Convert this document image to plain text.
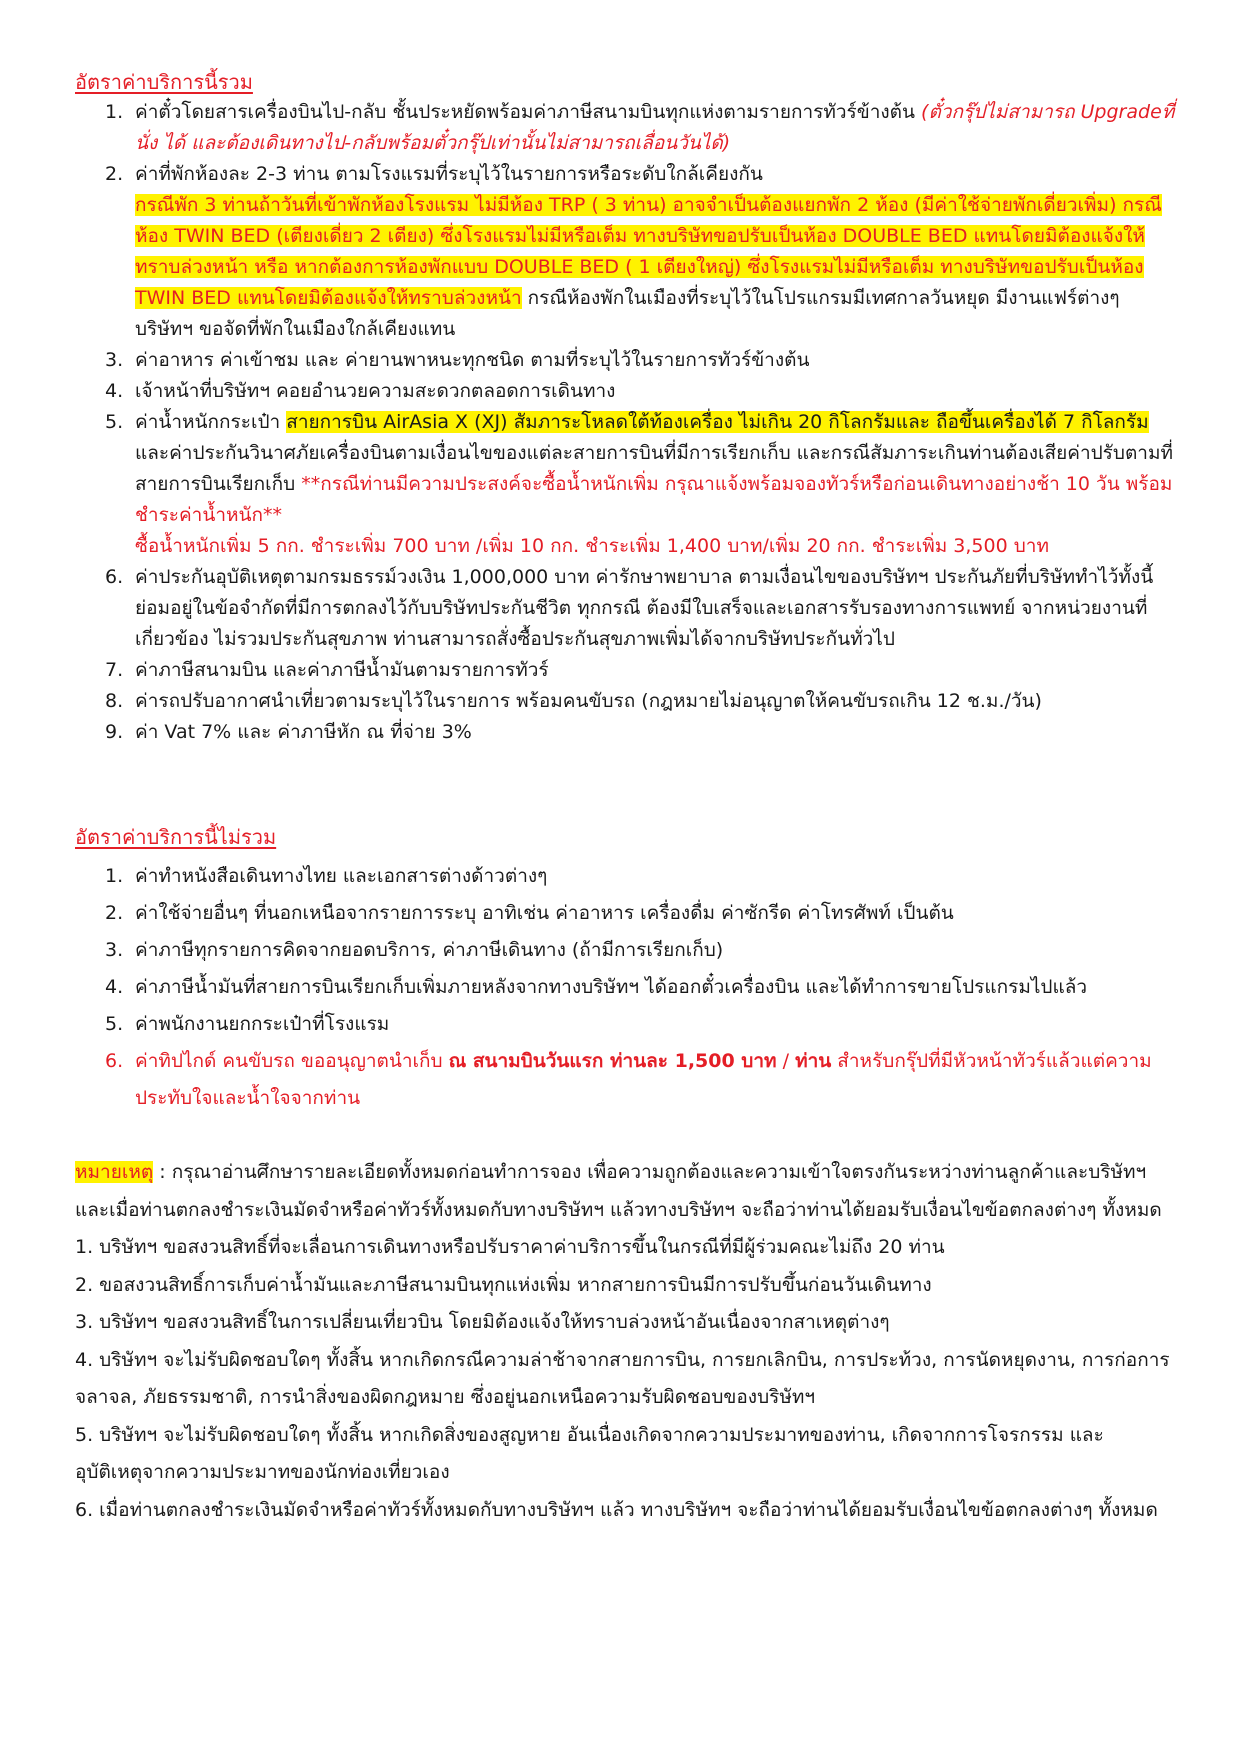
อัตราค่าบริการนี้รวม
1. ค่าตั๋วโดยสารเครื่องบินไป-กลับ ชั้นประหยัดพร้อมค่าภาษีสนามบินทุกแห่งตามรายการทัวร์ข้างต้น (ตั๋วกรุ๊ปไม่สามารถ Upgradeที่นั่ง ได้ และต้องเดินทางไป-กลับพร้อมตั๋วกรุ๊ปเท่านั้นไม่สามารถเลื่อนวันได้)
2. ค่าที่พักห้องละ 2-3 ท่าน ตามโรงแรมที่ระบุไว้ในรายการหรือระดับใกล้เคียงกัน
กรณีพัก 3 ท่านถ้าวันที่เข้าพักห้องโรงแรม ไม่มีห้อง TRP ( 3 ท่าน) อาจจำเป็นต้องแยกพัก 2 ห้อง (มีค่าใช้จ่ายพักเดี่ยวเพิ่ม) กรณีห้อง TWIN BED (เตียงเดี่ยว 2 เตียง) ซึ่งโรงแรมไม่มีหรือเต็ม ทางบริษัทขอปรับเป็นห้อง DOUBLE BED แทนโดยมิต้องแจ้งให้ทราบล่วงหน้า หรือ หากต้องการห้องพักแบบ DOUBLE BED ( 1 เตียงใหญ่) ซึ่งโรงแรมไม่มีหรือเต็ม ทางบริษัทขอปรับเป็นห้อง TWIN BED แทนโดยมิต้องแจ้งให้ทราบล่วงหน้า กรณีห้องพักในเมืองที่ระบุไว้ในโปรแกรมมีเทศกาลวันหยุด มีงานแฟร์ต่างๆ บริษัทฯ ขอจัดที่พักในเมืองใกล้เคียงแทน
3. ค่าอาหาร ค่าเข้าชม และ ค่ายานพาหนะทุกชนิด ตามที่ระบุไว้ในรายการทัวร์ข้างต้น
4. เจ้าหน้าที่บริษัทฯ คอยอำนวยความสะดวกตลอดการเดินทาง
5. ค่าน้ำหนักกระเป๋า สายการบิน AirAsia X (XJ) สัมภาระโหลดใต้ท้องเครื่อง ไม่เกิน 20 กิโลกรัมและ ถือขึ้นเครื่องได้ 7 กิโลกรัม และค่าประกันวินาศภัยเครื่องบินตามเงื่อนไขของแต่ละสายการบินที่มีการเรียกเก็บ และกรณีสัมภาระเกินท่านต้องเสียค่าปรับตามที่สายการบินเรียกเก็บ **กรณีท่านมีความประสงค์จะซื้อน้ำหนักเพิ่ม กรุณาแจ้งพร้อมจองทัวร์หรือก่อนเดินทางอย่างช้า 10 วัน พร้อมชำระค่าน้ำหนัก**
ซื้อน้ำหนักเพิ่ม 5 กก. ชำระเพิ่ม 700 บาท /เพิ่ม 10 กก. ชำระเพิ่ม 1,400 บาท/เพิ่ม 20 กก. ชำระเพิ่ม 3,500 บาท
6. ค่าประกันอุบัติเหตุตามกรมธรรม์วงเงิน 1,000,000 บาท ค่ารักษาพยาบาล ตามเงื่อนไขของบริษัทฯ ประกันภัยที่บริษัททำไว้ทั้งนี้ย่อมอยู่ในข้อจำกัดที่มีการตกลงไว้กับบริษัทประกันชีวิต ทุกกรณี ต้องมีใบเสร็จและเอกสารรับรองทางการแพทย์ จากหน่วยงานที่เกี่ยวข้อง ไม่รวมประกันสุขภาพ ท่านสามารถสั่งซื้อประกันสุขภาพเพิ่มได้จากบริษัทประกันทั่วไป
7. ค่าภาษีสนามบิน และค่าภาษีน้ำมันตามรายการทัวร์
8. ค่ารถปรับอากาศนำเที่ยวตามระบุไว้ในรายการ พร้อมคนขับรถ (กฎหมายไม่อนุญาตให้คนขับรถเกิน 12 ช.ม./วัน)
9. ค่า Vat 7% และ ค่าภาษีหัก ณ ที่จ่าย 3%
อัตราค่าบริการนี้ไม่รวม
1. ค่าทำหนังสือเดินทางไทย และเอกสารต่างด้าวต่างๆ
2. ค่าใช้จ่ายอื่นๆ ที่นอกเหนือจากรายการระบุ อาทิเช่น ค่าอาหาร เครื่องดื่ม ค่าซักรีด ค่าโทรศัพท์ เป็นต้น
3. ค่าภาษีทุกรายการคิดจากยอดบริการ, ค่าภาษีเดินทาง (ถ้ามีการเรียกเก็บ)
4. ค่าภาษีน้ำมันที่สายการบินเรียกเก็บเพิ่มภายหลังจากทางบริษัทฯ ได้ออกตั๋วเครื่องบิน และได้ทำการขายโปรแกรมไปแล้ว
5. ค่าพนักงานยกกระเป๋าที่โรงแรม
6. ค่าทิปไกด์ คนขับรถ ขออนุญาตนำเก็บ ณ สนามบินวันแรก ท่านละ 1,500 บาท / ท่าน สำหรับกรุ๊ปที่มีหัวหน้าทัวร์แล้วแต่ความประทับใจและน้ำใจจากท่าน

หมายเหตุ : กรุณาอ่านศึกษารายละเอียดทั้งหมดก่อนทำการจอง เพื่อความถูกต้องและความเข้าใจตรงกันระหว่างท่านลูกค้าและบริษัทฯ และเมื่อท่านตกลงชำระเงินมัดจำหรือค่าทัวร์ทั้งหมดกับทางบริษัทฯ แล้วทางบริษัทฯ จะถือว่าท่านได้ยอมรับเงื่อนไขข้อตกลงต่างๆ ทั้งหมด

1. บริษัทฯ ขอสงวนสิทธิ์ที่จะเลื่อนการเดินทางหรือปรับราคาค่าบริการขึ้นในกรณีที่มีผู้ร่วมคณะไม่ถึง 20 ท่าน

2. ขอสงวนสิทธิ์การเก็บค่าน้ำมันและภาษีสนามบินทุกแห่งเพิ่ม หากสายการบินมีการปรับขึ้นก่อนวันเดินทาง

3. บริษัทฯ ขอสงวนสิทธิ์ในการเปลี่ยนเที่ยวบิน โดยมิต้องแจ้งให้ทราบล่วงหน้าอันเนื่องจากสาเหตุต่างๆ

4. บริษัทฯ จะไม่รับผิดชอบใดๆ ทั้งสิ้น หากเกิดกรณีความล่าช้าจากสายการบิน, การยกเลิกบิน, การประท้วง, การนัดหยุดงาน, การก่อการจลาจล, ภัยธรรมชาติ, การนำสิ่งของผิดกฎหมาย ซึ่งอยู่นอกเหนือความรับผิดชอบของบริษัทฯ

5. บริษัทฯ จะไม่รับผิดชอบใดๆ ทั้งสิ้น หากเกิดสิ่งของสูญหาย อันเนื่องเกิดจากความประมาทของท่าน, เกิดจากการโจรกรรม และ อุบัติเหตุจากความประมาทของนักท่องเที่ยวเอง

6. เมื่อท่านตกลงชำระเงินมัดจำหรือค่าทัวร์ทั้งหมดกับทางบริษัทฯ แล้ว ทางบริษัทฯ จะถือว่าท่านได้ยอมรับเงื่อนไขข้อตกลงต่างๆ ทั้งหมด
